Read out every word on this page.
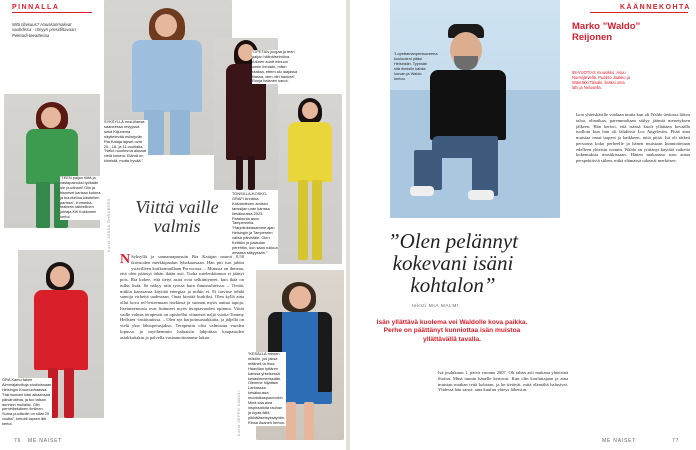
PINNALLA
Mitä tilaisuus? Hauskanmakeat vauhdissa - rönyyn presidiltavaan Pekeadi-teeatteriaa
”TEEN paljon töitä ja vastapainoksi työkään ole puolinani! Olin ja bisnesei kanssa kotona ja buurkelloa käsitellen parissa”, Komedia-teatterin taiteellinen johtaja Kiti Kokkonen kertoi.
SYKSYLLÄ ensi-illansa saaneessa revyyssä sekä Kiljunenia näyttelevää esiintyvän Ria Kataja lapset ovat 20-, 18- ja 11-vuotiaita. ”Nekö nuorimma alussat vielä kotona. Elämä on kiireistä, mutta hyvää.”
”OPETAN joogaa ja teen paljon hälinäiselmiina. Arkeen auntt minuun omiin ihmisiin, mikin raakka, ettem alu laajassa tilassa, olen niin hankea”, Ronja Italanen sanoi.
TONSILLA-KOSKO-GRAFI Annikka Kalvainienen amistui tanssijan uran kanssa kesäkuussa 2023. Parakunta asuu Tampereella. ”Harjoituksissamme ajan Helsingin ja Tampereen välisä päivistäin. Olen Keittiön ja palautan perehtiin, kun saan rukkua omassa säkyyssän.”
ÖRÄ Kamu takee Almmajahoitoja studioissaan Helsingin Kruununhaassa. ”Harmonioni käsi aikaansaa päivärutiinia, ja tuo talsan aurinkin mulialisi. Olin perheikekäinen ilmiinen. Suma puolisolin on sillat 29 vuotta”, kehotti lapsen äiti kertoi.
”KESÄLLÄ menen mökille, jos jaksa mitäneli ta Ihoa. Haavillan tyttären kanssa yhteisessä kesäsimmerissään. Olemme hiljattain Lantasssa kesäkuussa muotoikaspuumokin Minä saa aina inspiraatiota rauhan ja loyaa äillä pibbäläsetsyksäyhtin. Rinsa Asanen kertoo.
Viittä vaille valmis
Kuvat JONNA ÖHRNBERG
Kuvat SEPPO SAMULI
N Syksyllä ja saunanrapassuin Ria Katajan nauroi 0.50 ikävuoden merkkipaalun lyhakaarsaan. Hän piti isot juhlat ystävilleen kotikonnuillaan Porvoossa. – Minusta on ihmeaa, että olen päässyt tähän ikään asti. Turha mielenkiinnon ei jäänyt pois. Ria kokee, että tietyt asiat ovat selkiintyneet, kun ikää on tullut lisää. Se näkyy niin työssä kuin ihmissuhteissa. – Tietää, mitkin kanssansa käyttää energiaa ja mihin ei. Ei tarvitse tehdä samoja virheitä uudestaan. Onaa kiertää kurkiksi. Olen kyllä aina ollut kova ref-lesteemaan itsekinsä ja suomut myös auttua tapoja. Itsetuntemusta ovat lisänneet myös terapiavuoden opinnot. Viittä vaille valmis terapeutit on opiskellut viimeiset neljä vuotta Tommy Hellsten -instituutissa. – Olen nyt harjoitusasiakkaita, ja jäljellä on vielä yksi lähiopetusjakso. Terapeutin olisi valmistuu vuoden lopussa ja myöhemmin haluaisin lahjoittaa kaupasuden asiakkaitakin ja palvella vastaanottoamme lukua.
76 ME NAISET
KÄÄNNEKOHTA
”Lopettamanpertauveena kuuluuteni pääsi Helsinkiin. Tyynsän sitä ihmisiin kahtia luovan ja Waldo kertoo.
”Olen pelännyt kokevani isäni kohtalon”
teksti MIA MALMI
Isän yllättävä kuolema vei Waldolle kova paikka. Perhe on päättänyt kunniottaa isän muistoa yllättävällä tavalla.
Marko ”Waldo”
Reijonen
58-VUOTIAS muusikko. Asuu Nurmijärvellä. Puoliso Jaakko ja Wäinäkki Taisaki, lisäksi oma lähi ja Nelosella.
Ison yhteiskäsille voidaan mutta kun oli Waldo tiedossa liikoa taloa, elinaikaa, paremmaltaan säilyy jäämiä menetyksen jälkeen. Hän kertoo, että isänsä kuoli yllättäen keväällä tuolloin kun hän oli lähdössä Los Angelesiin. Pitää aina muistaa omat tarpeet ja kaikkeen, mitä pitää. Isä oli tärkeä persoona koko perheelle ja hänen muistaan kunnioitetaan edelleen yhteisin voimin. Waldo on yrittänyt käyttää vaikeita kokemuksia musiikissaan. Hänen mukaansa suru antaa perspektiiviä siihen, mikä elämässä oikeasti merkitsee.
Isä joulukuun 1. päivä vuonna 2007. Oli tähän asti mukana yhteisinä iltoina. Minä tunnin hänelle kertovat. Kun olin kouluttajaan ja aina muistan matkan teitä kohtaan, ja he tietävät, mitä elämältä halusivat. Yhdessä hän sanoi: aina kuuluu yhteys läheisiin.
ME NAISET	77
